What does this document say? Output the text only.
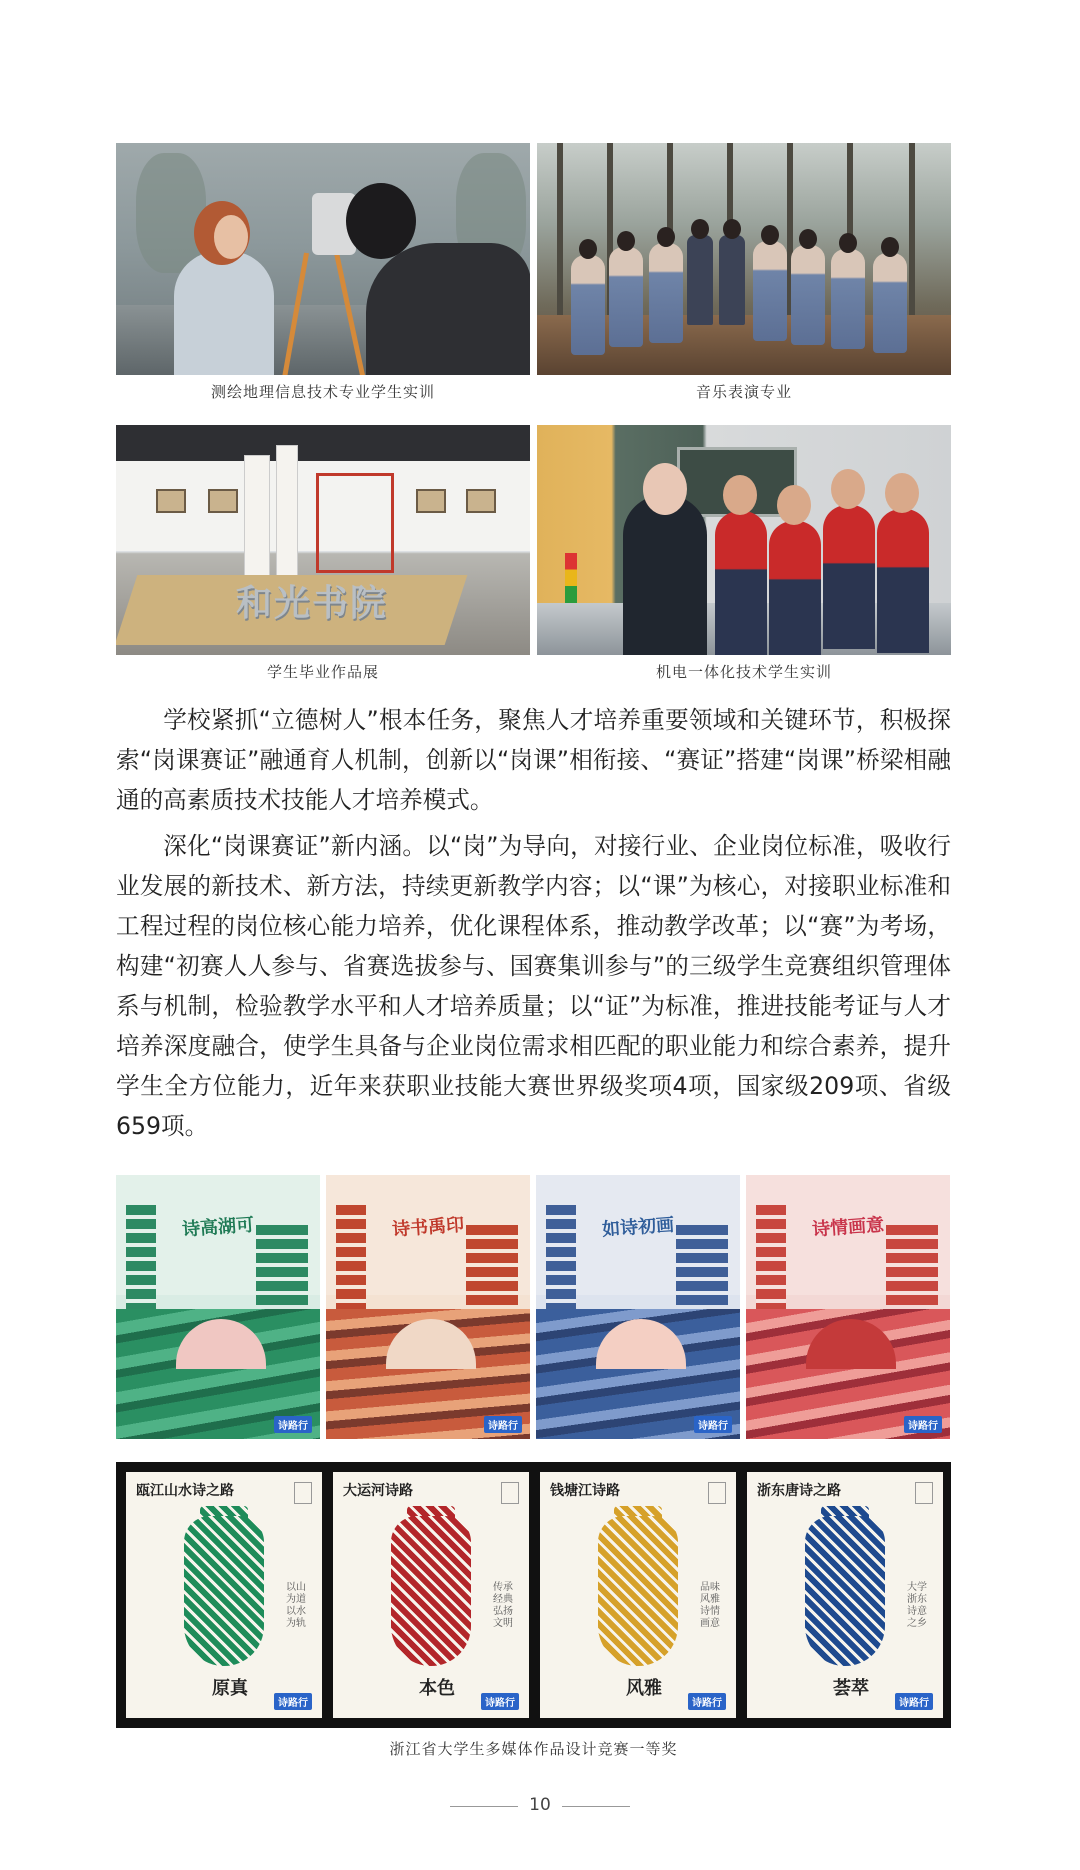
测绘地理信息技术专业学生实训	音乐表演专业
和光书院
学生毕业作品展	机电一体化技术学生实训

学校紧抓“立德树人”根本任务，聚焦人才培养重要领域和关键环节，积极探索“岗课赛证”融通育人机制，创新以“岗课”相衔接、“赛证”搭建“岗课”桥梁相融通的高素质技术技能人才培养模式。

深化“岗课赛证”新内涵。以“岗”为导向，对接行业、企业岗位标准，吸收行业发展的新技术、新方法，持续更新教学内容；以“课”为核心，对接职业标准和工程过程的岗位核心能力培养，优化课程体系，推动教学改革；以“赛”为考场，构建“初赛人人参与、省赛选拔参与、国赛集训参与”的三级学生竞赛组织管理体系与机制，检验教学水平和人才培养质量；以“证”为标准，推进技能考证与人才培养深度融合，使学生具备与企业岗位需求相匹配的职业能力和综合素养，提升学生全方位能力，近年来获职业技能大赛世界级奖项4项，国家级209项、省级659项。

诗高湖可
诗路行
诗书禹印
诗路行
如诗初画
诗路行
诗情画意
诗路行
瓯江山水诗之路
以山为道以水为轨
原真
诗路行
大运河诗路
传承经典弘扬文明
本色
诗路行
钱塘江诗路
品味风雅诗情画意
风雅
诗路行
浙东唐诗之路
大学浙东诗意之乡
荟萃
诗路行
浙江省大学生多媒体作品设计竞赛一等奖
10
